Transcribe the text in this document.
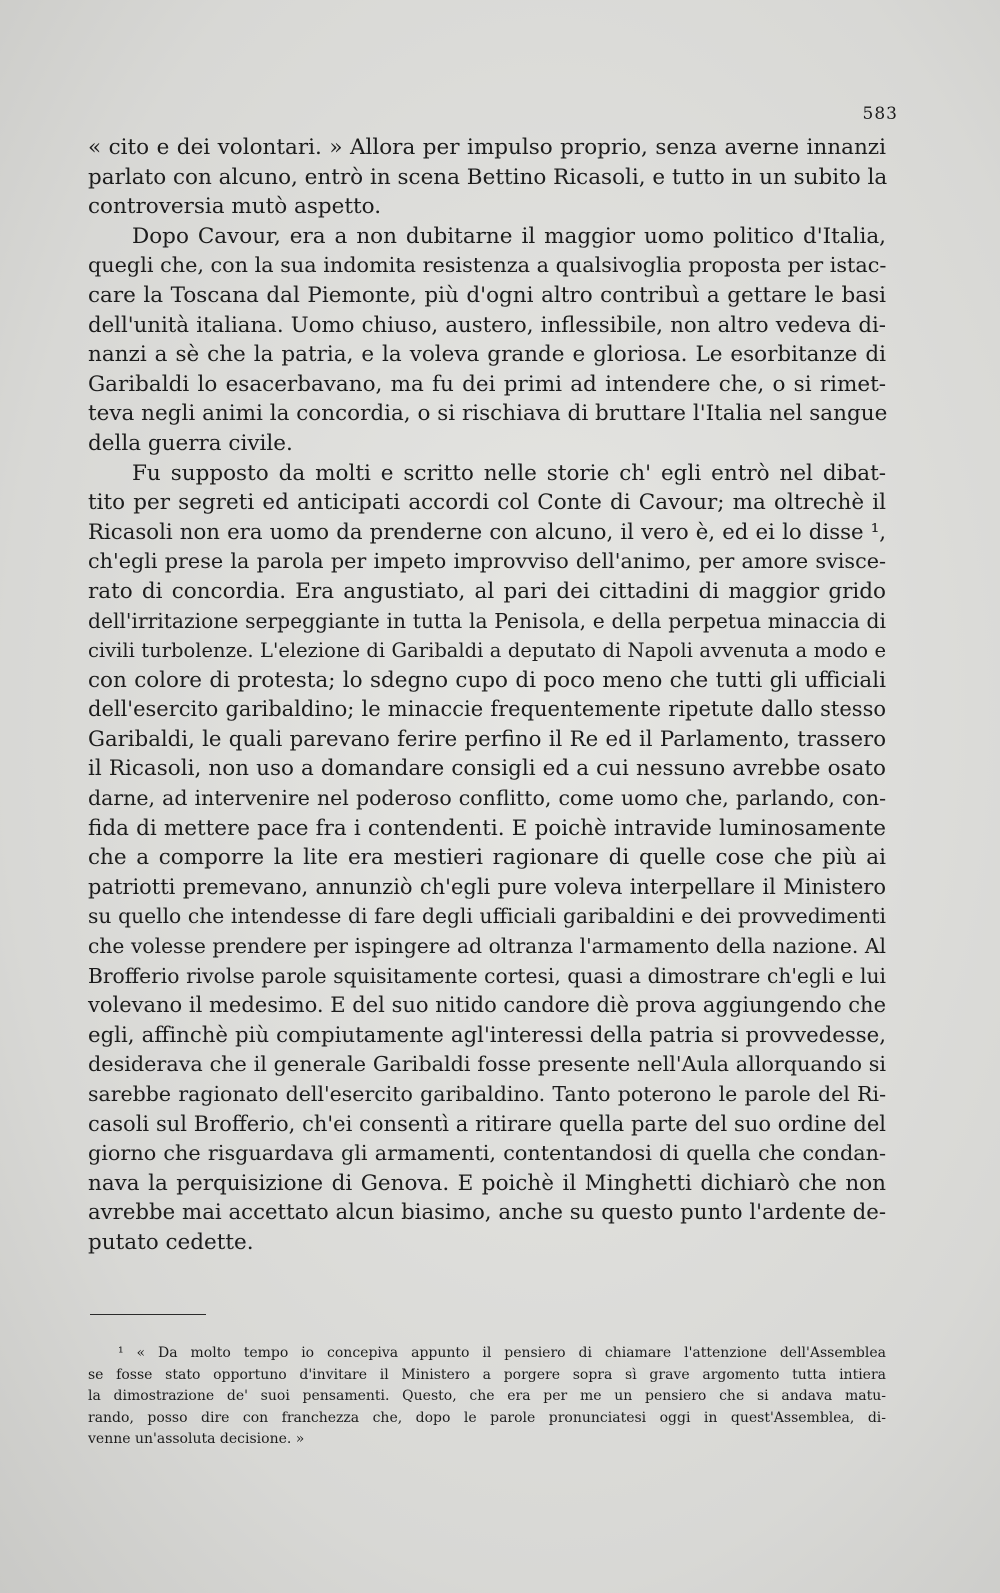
583
« cito e dei volontari. » Allora per impulso proprio, senza averne innanzi
parlato con alcuno, entrò in scena Bettino Ricasoli, e tutto in un subito la
controversia mutò aspetto.
Dopo Cavour, era a non dubitarne il maggior uomo politico d'Italia,
quegli che, con la sua indomita resistenza a qualsivoglia proposta per istac-
care la Toscana dal Piemonte, più d'ogni altro contribuì a gettare le basi
dell'unità italiana. Uomo chiuso, austero, inflessibile, non altro vedeva di-
nanzi a sè che la patria, e la voleva grande e gloriosa. Le esorbitanze di
Garibaldi lo esacerbavano, ma fu dei primi ad intendere che, o si rimet-
teva negli animi la concordia, o si rischiava di bruttare l'Italia nel sangue
della guerra civile.
Fu supposto da molti e scritto nelle storie ch' egli entrò nel dibat-
tito per segreti ed anticipati accordi col Conte di Cavour; ma oltrechè il
Ricasoli non era uomo da prenderne con alcuno, il vero è, ed ei lo disse ¹,
ch'egli prese la parola per impeto improvviso dell'animo, per amore svisce-
rato di concordia. Era angustiato, al pari dei cittadini di maggior grido
dell'irritazione serpeggiante in tutta la Penisola, e della perpetua minaccia di
civili turbolenze. L'elezione di Garibaldi a deputato di Napoli avvenuta a modo e
con colore di protesta; lo sdegno cupo di poco meno che tutti gli ufficiali
dell'esercito garibaldino; le minaccie frequentemente ripetute dallo stesso
Garibaldi, le quali parevano ferire perfino il Re ed il Parlamento, trassero
il Ricasoli, non uso a domandare consigli ed a cui nessuno avrebbe osato
darne, ad intervenire nel poderoso conflitto, come uomo che, parlando, con-
fida di mettere pace fra i contendenti. E poichè intravide luminosamente
che a comporre la lite era mestieri ragionare di quelle cose che più ai
patriotti premevano, annunziò ch'egli pure voleva interpellare il Ministero
su quello che intendesse di fare degli ufficiali garibaldini e dei provvedimenti
che volesse prendere per ispingere ad oltranza l'armamento della nazione. Al
Brofferio rivolse parole squisitamente cortesi, quasi a dimostrare ch'egli e lui
volevano il medesimo. E del suo nitido candore diè prova aggiungendo che
egli, affinchè più compiutamente agl'interessi della patria si provvedesse,
desiderava che il generale Garibaldi fosse presente nell'Aula allorquando si
sarebbe ragionato dell'esercito garibaldino. Tanto poterono le parole del Ri-
casoli sul Brofferio, ch'ei consentì a ritirare quella parte del suo ordine del
giorno che risguardava gli armamenti, contentandosi di quella che condan-
nava la perquisizione di Genova. E poichè il Minghetti dichiarò che non
avrebbe mai accettato alcun biasimo, anche su questo punto l'ardente de-
putato cedette.
¹ « Da molto tempo io concepiva appunto il pensiero di chiamare l'attenzione dell'Assemblea
se fosse stato opportuno d'invitare il Ministero a porgere sopra sì grave argomento tutta intiera
la dimostrazione de' suoi pensamenti. Questo, che era per me un pensiero che si andava matu-
rando, posso dire con franchezza che, dopo le parole pronunciatesi oggi in quest'Assemblea, di-
venne un'assoluta decisione. »
